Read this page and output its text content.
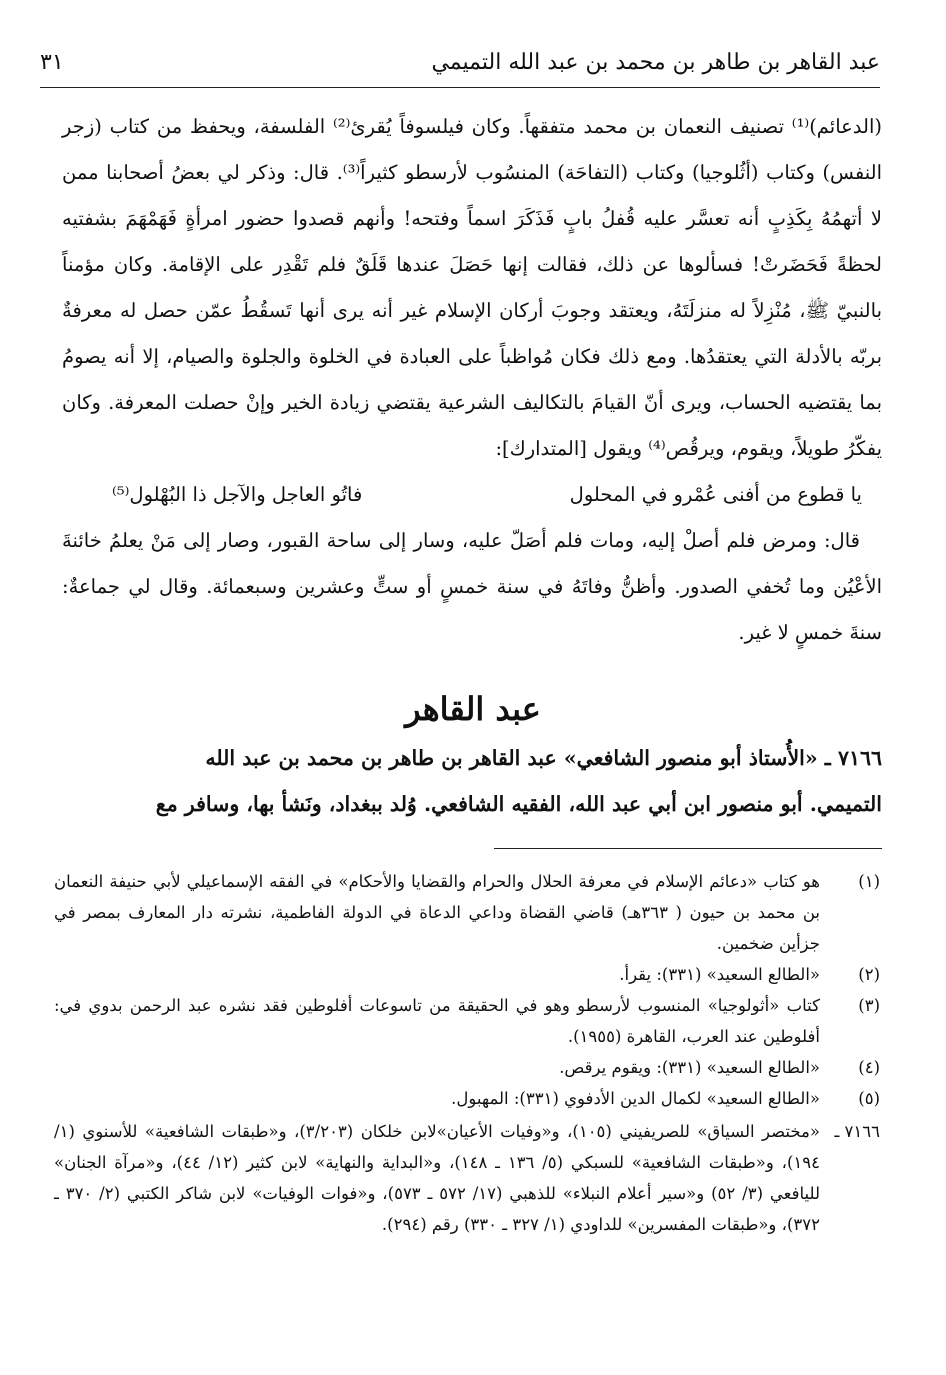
عبد القاهر بن طاهر بن محمد بن عبد الله التميمي
٣١

(الدعائم)⁽¹⁾ تصنيف النعمان بن محمد متفقهاً. وكان فيلسوفاً يُقرئ⁽²⁾ الفلسفة، ويحفظ من كتاب (زجر النفس) وكتاب (أثُلوجيا) وكتاب (التفاحَة) المنسُوب لأرسطو كثيراً⁽³⁾. قال: وذكر لي بعضُ أصحابنا ممن لا أتهمُهُ بِكَذِبٍ أنه تعسَّر عليه قُفلُ بابٍ فَذَكَرَ اسماً وفتحه! وأنهم قصدوا حضور امرأةٍ فَهَمْهَمَ بشفتيه لحظةً فَحَضَرتْ! فسألوها عن ذلك، فقالت إنها حَصَلَ عندها قَلَقٌ فلم تَقْدِر على الإقامة. وكان مؤمناً بالنبيّ ﷺ، مُنْزِلاً له منزلَتَهُ، ويعتقد وجوبَ أركان الإسلام غير أنه يرى أنها تَسقُطُ عمّن حصل له معرفةٌ بربّه بالأدلة التي يعتقدُها. ومع ذلك فكان مُواظباً على العبادة في الخلوة والجلوة والصيام، إلا أنه يصومُ بما يقتضيه الحساب، ويرى أنّ القيامَ بالتكاليف الشرعية يقتضي زيادة الخير وإنْ حصلت المعرفة. وكان يفكّرُ طويلاً، ويقوم، ويرقُص⁽⁴⁾ ويقول [المتدارك]:

يا قطوع من أفنى عُمْرو في المحلول
فاتُو العاجل والآجل ذا البُهْلول⁽⁵⁾

قال: ومرض فلم أصلْ إليه، ومات فلم أصَلّ عليه، وسار إلى ساحة القبور، وصار إلى مَنْ يعلمُ خائنةَ الأعْيُن وما تُخفي الصدور. وأظنُّ وفاتَهُ في سنة خمسٍ أو ستٍّ وعشرين وسبعمائة. وقال لي جماعةٌ: سنةَ خمسٍ لا غير.

عبد القاهر

٧١٦٦ ـ «الأُستاذ أبو منصور الشافعي» عبد القاهر بن طاهر بن محمد بن عبد الله

التميمي. أبو منصور ابن أبي عبد الله، الفقيه الشافعي. وُلد ببغداد، ونَشأ بها، وسافر مع

(١)
هو كتاب «دعائم الإسلام في معرفة الحلال والحرام والقضايا والأحكام» في الفقه الإسماعيلي لأبي حنيفة النعمان بن محمد بن حيون ( ٣٦٣هـ) قاضي القضاة وداعي الدعاة في الدولة الفاطمية، نشرته دار المعارف بمصر في جزأين ضخمين.
(٢)
«الطالع السعيد» (٣٣١): يقرأ.
(٣)
كتاب «أثولوجيا» المنسوب لأرسطو وهو في الحقيقة من تاسوعات أفلوطين فقد نشره عبد الرحمن بدوي في: أفلوطين عند العرب، القاهرة (١٩٥٥).
(٤)
«الطالع السعيد» (٣٣١): ويقوم يرقص.
(٥)
«الطالع السعيد» لكمال الدين الأدفوي (٣٣١): المهبول.
٧١٦٦ ـ
«مختصر السياق» للصريفيني (١٠٥)، و«وفيات الأعيان»لابن خلكان (٣/٢٠٣)، و«طبقات الشافعية» للأسنوي (١/ ١٩٤)، و«طبقات الشافعية» للسبكي (٥/ ١٣٦ ـ ١٤٨)، و«البداية والنهاية» لابن كثير (١٢/ ٤٤)، و«مرآة الجنان» لليافعي (٣/ ٥٢) و«سير أعلام النبلاء» للذهبي (١٧/ ٥٧٢ ـ ٥٧٣)، و«فوات الوفيات» لابن شاكر الكتبي (٢/ ٣٧٠ ـ ٣٧٢)، و«طبقات المفسرين» للداودي (١/ ٣٢٧ ـ ٣٣٠) رقم (٢٩٤).
